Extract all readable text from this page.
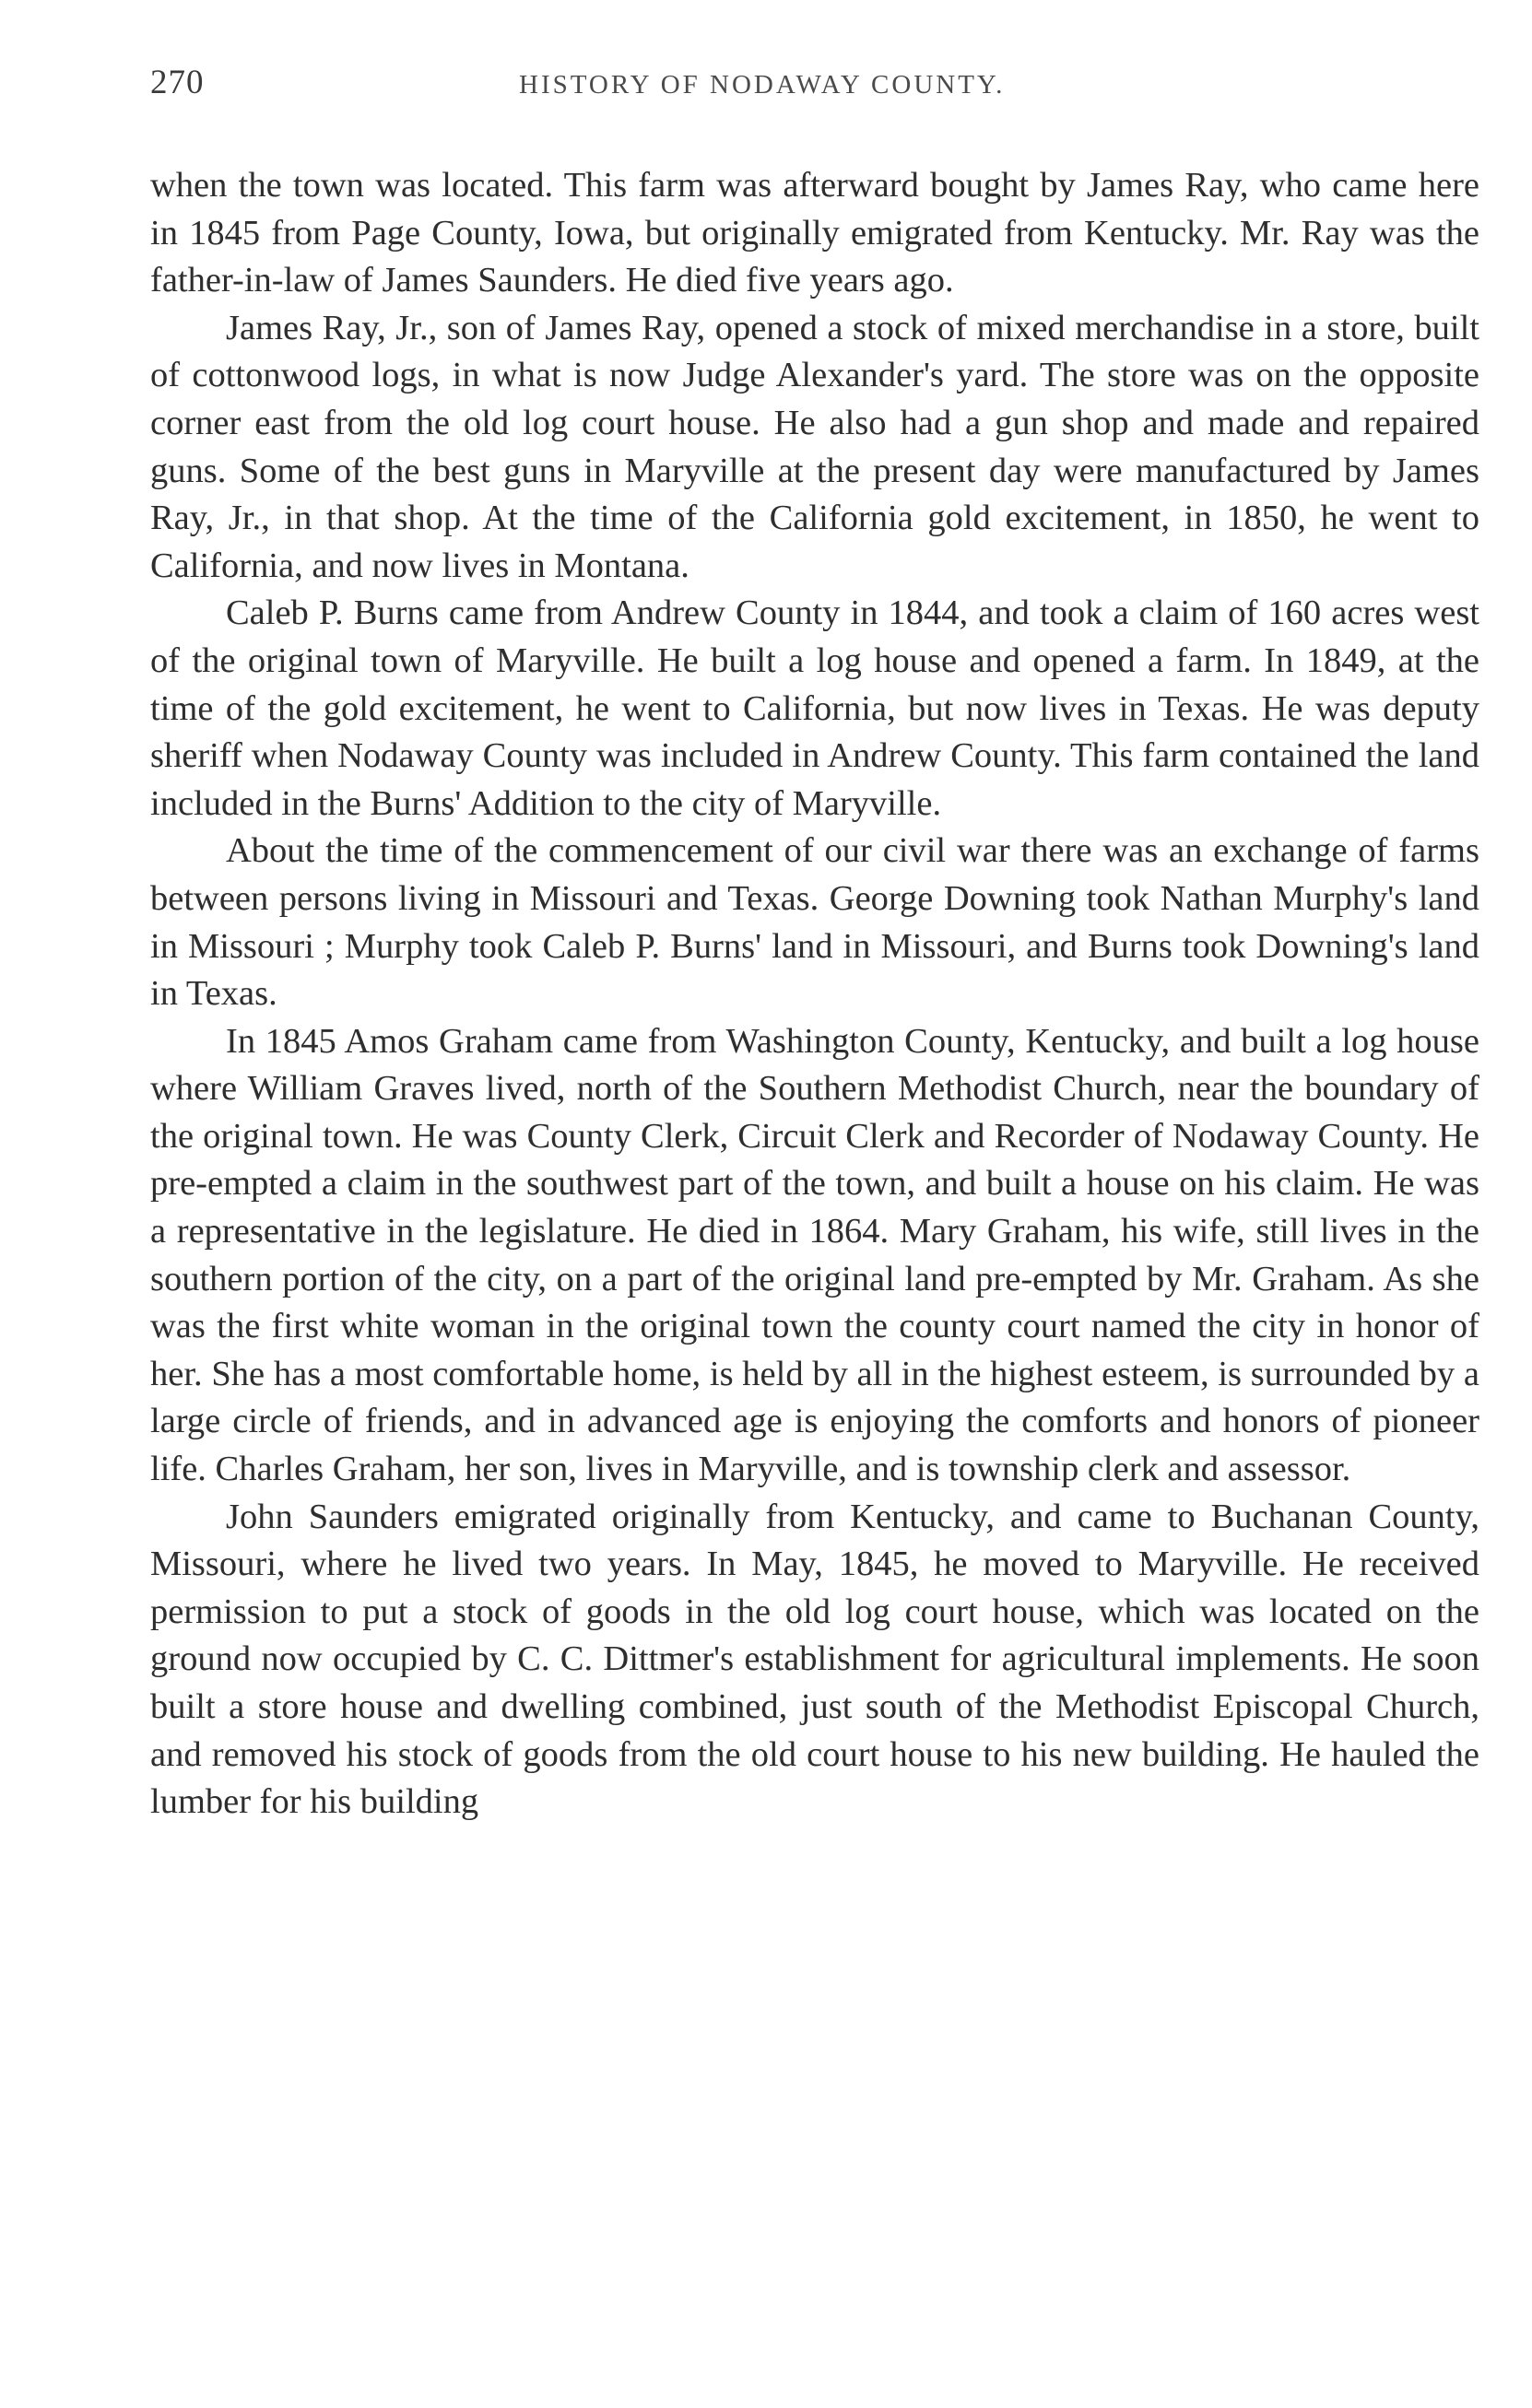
270	HISTORY OF NODAWAY COUNTY.

when the town was located. This farm was afterward bought by James Ray, who came here in 1845 from Page County, Iowa, but originally emigrated from Kentucky. Mr. Ray was the father-in-law of James Saunders. He died five years ago.

James Ray, Jr., son of James Ray, opened a stock of mixed merchandise in a store, built of cottonwood logs, in what is now Judge Alexander's yard. The store was on the opposite corner east from the old log court house. He also had a gun shop and made and repaired guns. Some of the best guns in Maryville at the present day were manufactured by James Ray, Jr., in that shop. At the time of the California gold excitement, in 1850, he went to California, and now lives in Montana.

Caleb P. Burns came from Andrew County in 1844, and took a claim of 160 acres west of the original town of Maryville. He built a log house and opened a farm. In 1849, at the time of the gold excitement, he went to California, but now lives in Texas. He was deputy sheriff when Nodaway County was included in Andrew County. This farm contained the land included in the Burns' Addition to the city of Maryville.

About the time of the commencement of our civil war there was an exchange of farms between persons living in Missouri and Texas. George Downing took Nathan Murphy's land in Missouri ; Murphy took Caleb P. Burns' land in Missouri, and Burns took Downing's land in Texas.

In 1845 Amos Graham came from Washington County, Kentucky, and built a log house where William Graves lived, north of the Southern Methodist Church, near the boundary of the original town. He was County Clerk, Circuit Clerk and Recorder of Nodaway County. He pre-empted a claim in the southwest part of the town, and built a house on his claim. He was a representative in the legislature. He died in 1864. Mary Graham, his wife, still lives in the southern portion of the city, on a part of the original land pre-empted by Mr. Graham. As she was the first white woman in the original town the county court named the city in honor of her. She has a most comfortable home, is held by all in the highest esteem, is surrounded by a large circle of friends, and in advanced age is enjoying the comforts and honors of pioneer life. Charles Graham, her son, lives in Maryville, and is township clerk and assessor.

John Saunders emigrated originally from Kentucky, and came to Buchanan County, Missouri, where he lived two years. In May, 1845, he moved to Maryville. He received permission to put a stock of goods in the old log court house, which was located on the ground now occupied by C. C. Dittmer's establishment for agricultural implements. He soon built a store house and dwelling combined, just south of the Methodist Episcopal Church, and removed his stock of goods from the old court house to his new building. He hauled the lumber for his building
